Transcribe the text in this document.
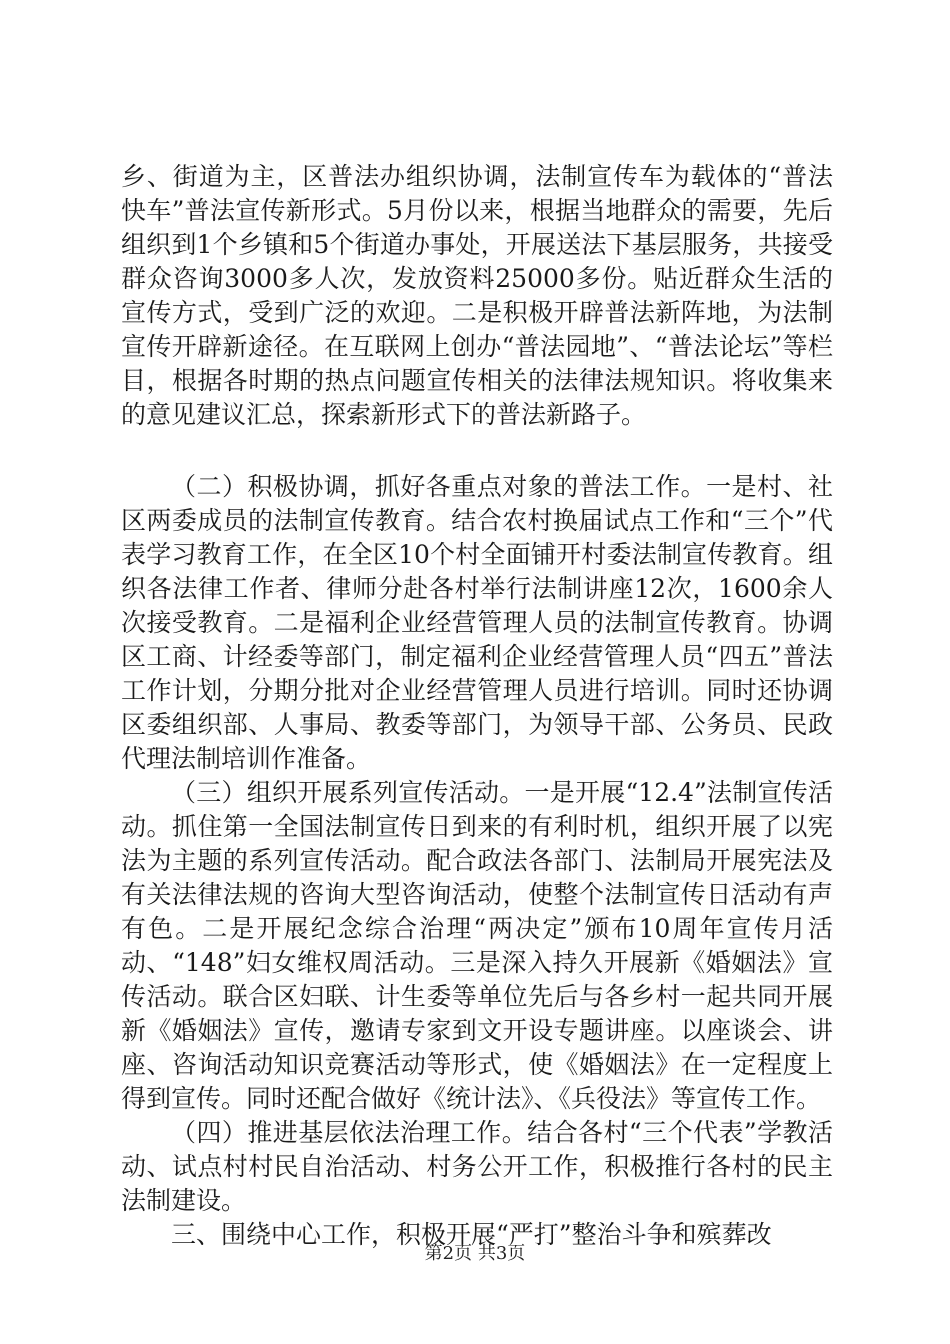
乡、街道为主，区普法办组织协调，法制宣传车为载体的“普法快车”普法宣传新形式。5月份以来，根据当地群众的需要，先后组织到1个乡镇和5个街道办事处，开展送法下基层服务，共接受群众咨询3000多人次，发放资料25000多份。贴近群众生活的宣传方式，受到广泛的欢迎。二是积极开辟普法新阵地，为法制宣传开辟新途径。在互联网上创办“普法园地”、“普法论坛”等栏目，根据各时期的热点问题宣传相关的法律法规知识。将收集来的意见建议汇总，探索新形式下的普法新路子。

（二）积极协调，抓好各重点对象的普法工作。一是村、社区两委成员的法制宣传教育。结合农村换届试点工作和“三个”代表学习教育工作，在全区10个村全面铺开村委法制宣传教育。组织各法律工作者、律师分赴各村举行法制讲座12次，1600余人次接受教育。二是福利企业经营管理人员的法制宣传教育。协调区工商、计经委等部门，制定福利企业经营管理人员“四五”普法工作计划，分期分批对企业经营管理人员进行培训。同时还协调区委组织部、人事局、教委等部门，为领导干部、公务员、民政代理法制培训作准备。

（三）组织开展系列宣传活动。一是开展“12.4”法制宣传活动。抓住第一全国法制宣传日到来的有利时机，组织开展了以宪法为主题的系列宣传活动。配合政法各部门、法制局开展宪法及有关法律法规的咨询大型咨询活动，使整个法制宣传日活动有声有色。二是开展纪念综合治理“两决定”颁布10周年宣传月活动、“148”妇女维权周活动。三是深入持久开展新《婚姻法》宣传活动。联合区妇联、计生委等单位先后与各乡村一起共同开展新《婚姻法》宣传，邀请专家到文开设专题讲座。以座谈会、讲座、咨询活动知识竞赛活动等形式，使《婚姻法》在一定程度上得到宣传。同时还配合做好《统计法》、《兵役法》等宣传工作。

（四）推进基层依法治理工作。结合各村“三个代表”学教活动、试点村村民自治活动、村务公开工作，积极推行各村的民主法制建设。

三、围绕中心工作，积极开展“严打”整治斗争和殡葬改

第2页 共3页
